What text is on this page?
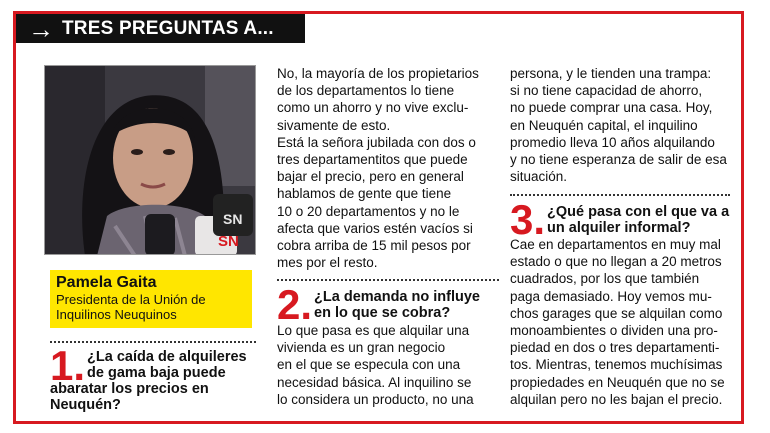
→ TRES PREGUNTAS A...
SN
SN
Pamela Gaita
Presidenta de la Unión de
Inquilinos Neuquinos
1. ¿La caída de alquileres
de gama baja puede
abaratar los precios en
Neuquén?

No, la mayoría de los propietarios

de los departamentos lo tiene

como un ahorro y no vive exclu-

sivamente de esto.

Está la señora jubilada con dos o

tres departamentitos que puede

bajar el precio, pero en general

hablamos de gente que tiene

10 o 20 departamentos y no le

afecta que varios estén vacíos si

cobra arriba de 15 mil pesos por

mes por el resto.

2. ¿La demanda no influye
en lo que se cobra?

Lo que pasa es que alquilar una

vivienda es un gran negocio

en el que se especula con una

necesidad básica. Al inquilino se

lo considera un producto, no una

persona, y le tienden una trampa:

si no tiene capacidad de ahorro,

no puede comprar una casa. Hoy,

en Neuquén capital, el inquilino

promedio lleva 10 años alquilando

y no tiene esperanza de salir de esa

situación.

3. ¿Qué pasa con el que va a
un alquiler informal?

Cae en departamentos en muy mal

estado o que no llegan a 20 metros

cuadrados, por los que también

paga demasiado. Hoy vemos mu-

chos garages que se alquilan como

monoambientes o dividen una pro-

piedad en dos o tres departamenti-

tos. Mientras, tenemos muchísimas

propiedades en Neuquén que no se

alquilan pero no les bajan el precio.
